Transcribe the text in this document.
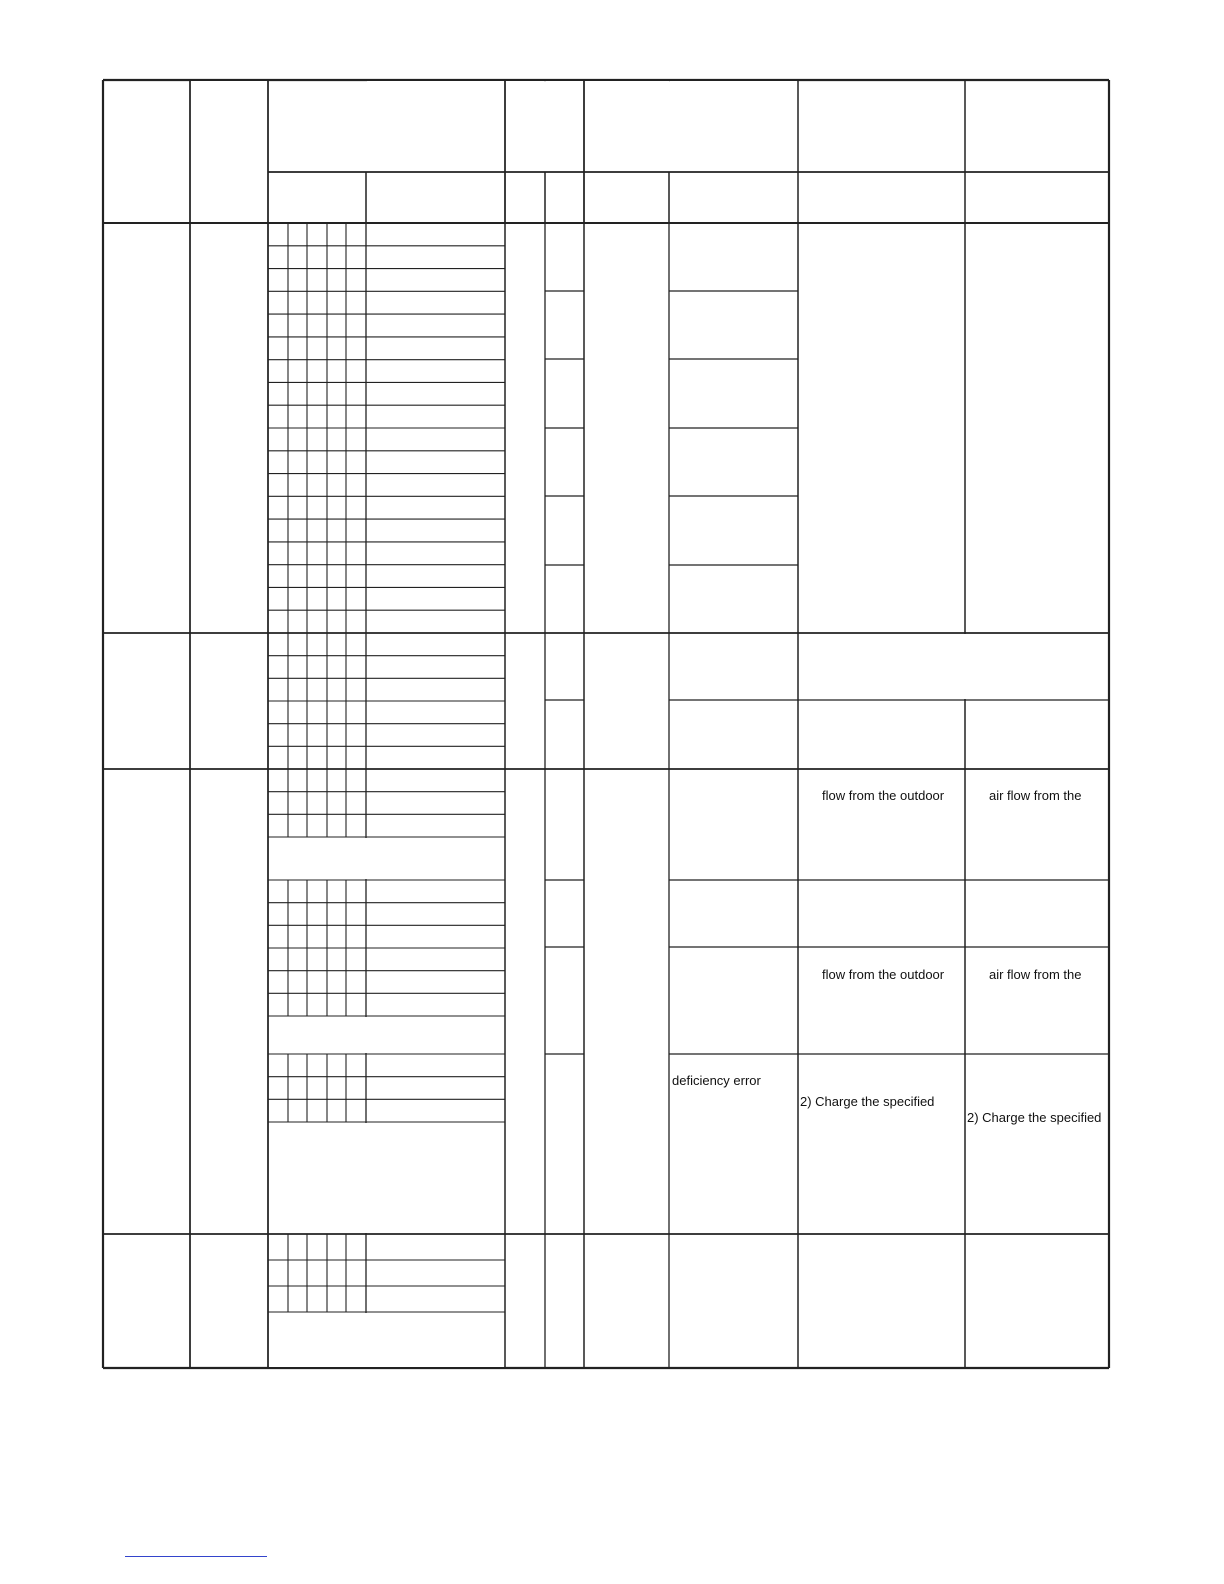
flow from the outdoor	air flow from the
flow from the outdoor	air flow from the
deficiency error
2) Charge the specified
2) Charge the specified
